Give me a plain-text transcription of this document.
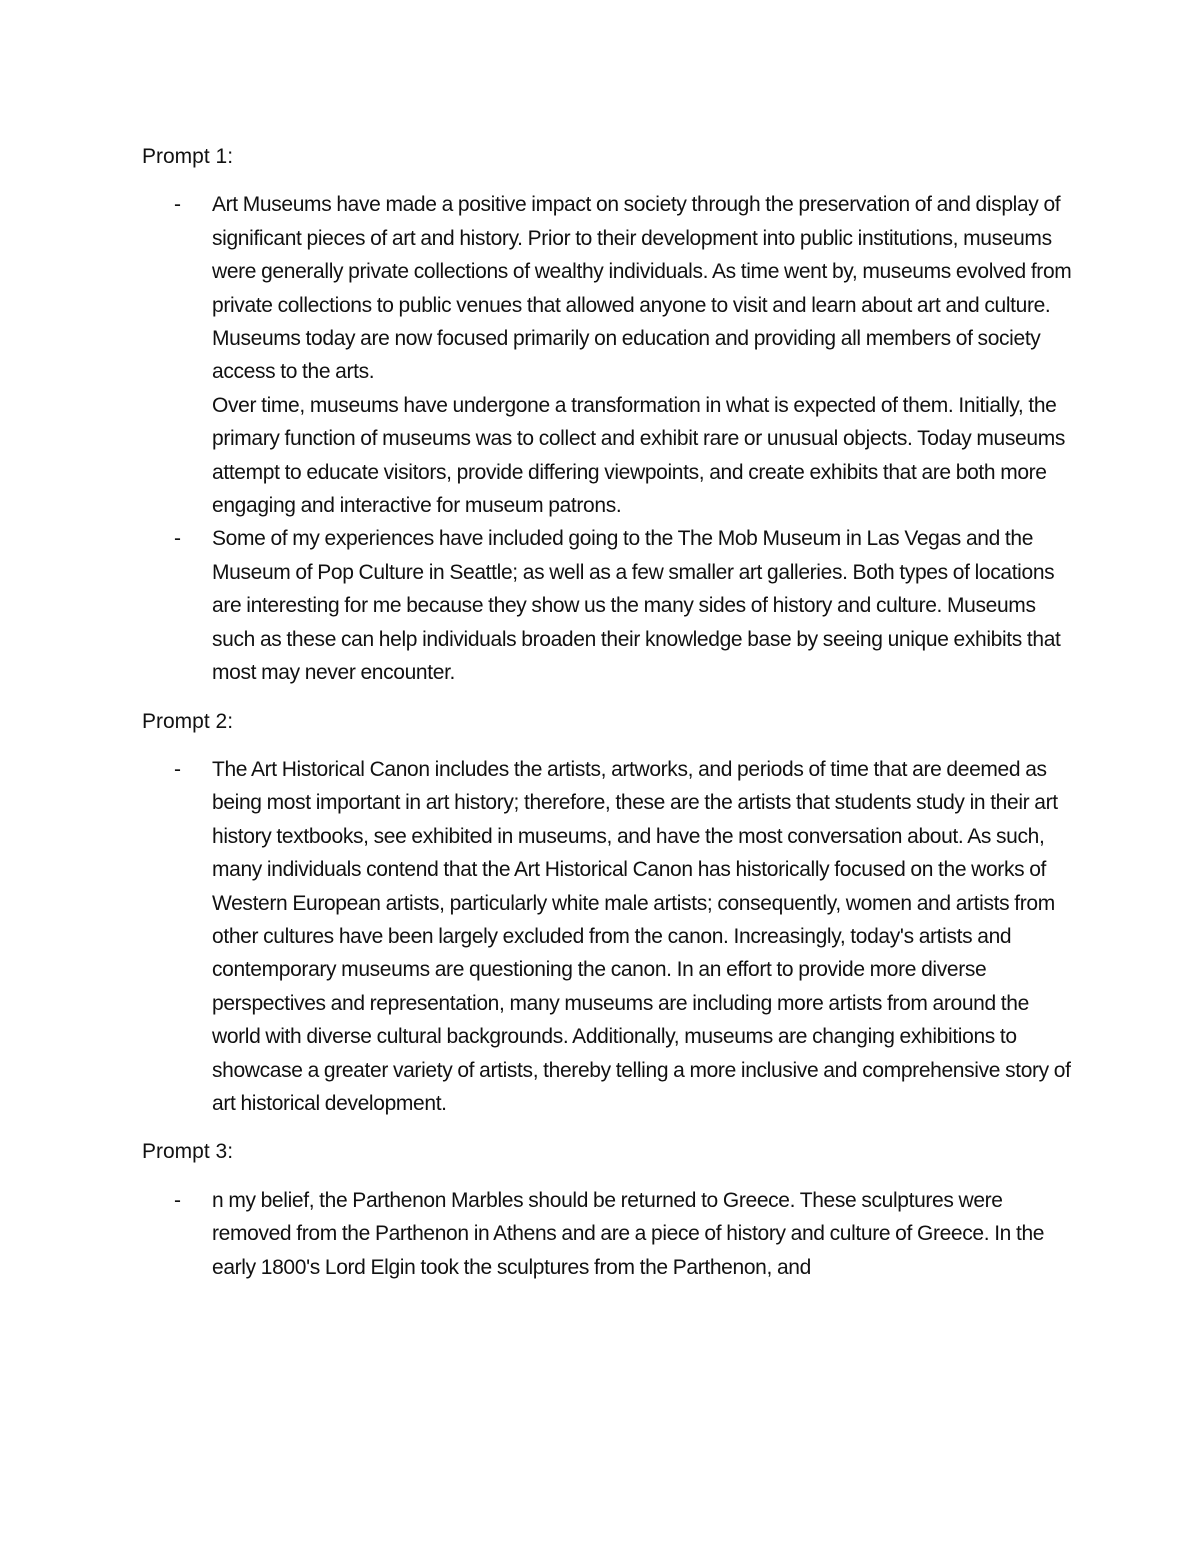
Prompt 1:
- Art Museums have made a positive impact on society through the preservation of and display of significant pieces of art and history. Prior to their development into public institutions, museums were generally private collections of wealthy individuals. As time went by, museums evolved from private collections to public venues that allowed anyone to visit and learn about art and culture. Museums today are now focused primarily on education and providing all members of society access to the arts.

Over time, museums have undergone a transformation in what is expected of them. Initially, the primary function of museums was to collect and exhibit rare or unusual objects. Today museums attempt to educate visitors, provide differing viewpoints, and create exhibits that are both more engaging and interactive for museum patrons.

- Some of my experiences have included going to the The Mob Museum in Las Vegas and the Museum of Pop Culture in Seattle; as well as a few smaller art galleries. Both types of locations are interesting for me because they show us the many sides of history and culture. Museums such as these can help individuals broaden their knowledge base by seeing unique exhibits that most may never encounter.

Prompt 2:
- The Art Historical Canon includes the artists, artworks, and periods of time that are deemed as being most important in art history; therefore, these are the artists that students study in their art history textbooks, see exhibited in museums, and have the most conversation about. As such, many individuals contend that the Art Historical Canon has historically focused on the works of Western European artists, particularly white male artists; consequently, women and artists from other cultures have been largely excluded from the canon. Increasingly, today's artists and contemporary museums are questioning the canon. In an effort to provide more diverse perspectives and representation, many museums are including more artists from around the world with diverse cultural backgrounds. Additionally, museums are changing exhibitions to showcase a greater variety of artists, thereby telling a more inclusive and comprehensive story of art historical development.

Prompt 3:
- n my belief, the Parthenon Marbles should be returned to Greece. These sculptures were removed from the Parthenon in Athens and are a piece of history and culture of Greece. In the early 1800's Lord Elgin took the sculptures from the Parthenon, and
